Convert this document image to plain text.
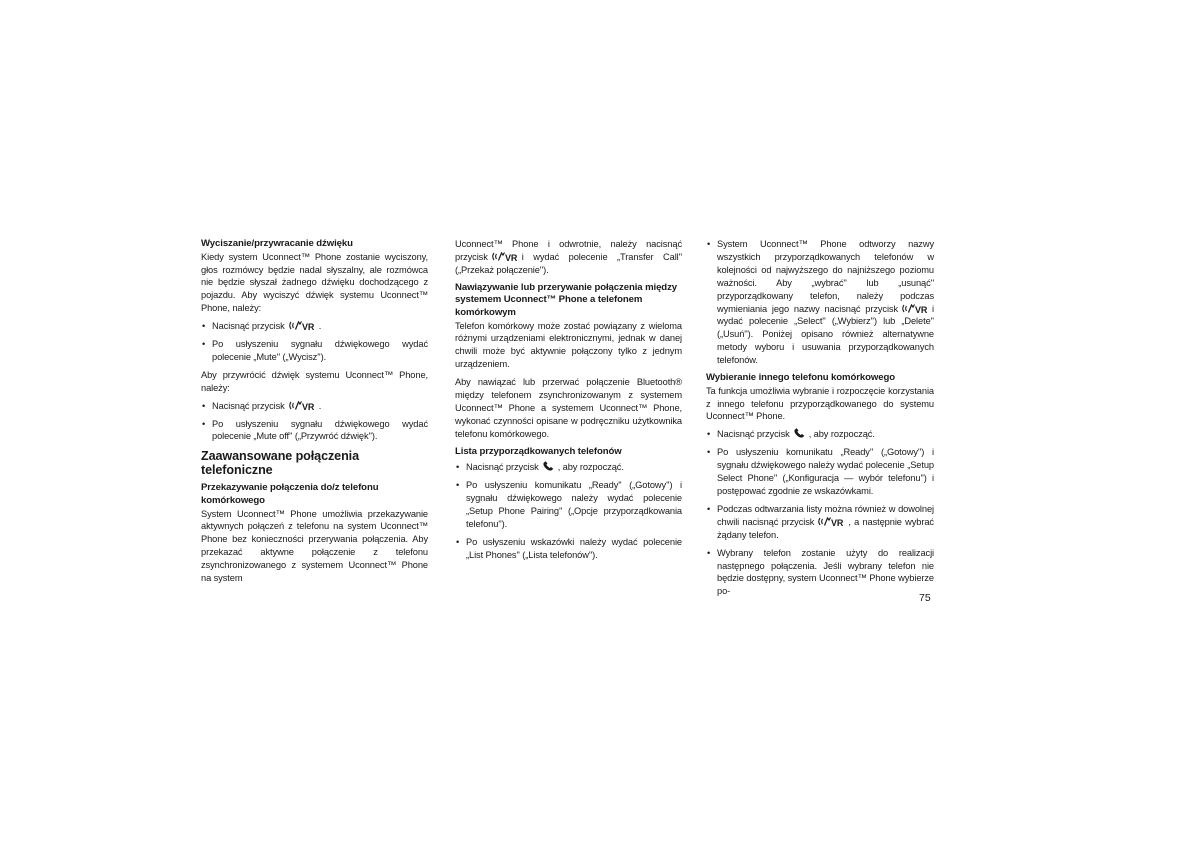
Wyciszanie/przywracanie dźwięku

Kiedy system Uconnect™ Phone zostanie wyciszony, głos rozmówcy będzie nadal słyszalny, ale rozmówca nie będzie słyszał żadnego dźwięku dochodzącego z pojazdu. Aby wyciszyć dźwięk systemu Uconnect™ Phone, należy:

• Nacisnąć przycisk	.
• Po usłyszeniu sygnału dźwiękowego wydać polecenie „Mute'' („Wycisz'').

Aby przywrócić dźwięk systemu Uconnect™ Phone, należy:

• Nacisnąć przycisk	.
• Po usłyszeniu sygnału dźwiękowego wydać polecenie „Mute off'' („Przywróć dźwięk'').

Zaawansowane połączenia telefoniczne

Przekazywanie połączenia do/z telefonu komórkowego

System Uconnect™ Phone umożliwia przekazywanie aktywnych połączeń z telefonu na system Uconnect™ Phone bez konieczności przerywania połączenia. Aby przekazać aktywne połączenie z telefonu zsynchronizowanego z systemem Uconnect™ Phone na system

Uconnect™ Phone i odwrotnie, należy nacisnąć przycisk	i wydać polecenie „Transfer Call'' („Przekaż połączenie'').

Nawiązywanie lub przerywanie połączenia między systemem Uconnect™ Phone a telefonem komórkowym

Telefon komórkowy może zostać powiązany z wieloma różnymi urządzeniami elektronicznymi, jednak w danej chwili może być aktywnie połączony tylko z jednym urządzeniem.

Aby nawiązać lub przerwać połączenie Bluetooth® między telefonem zsynchronizowanym z systemem Uconnect™ Phone a systemem Uconnect™ Phone, wykonać czynności opisane w podręczniku użytkownika telefonu komórkowego.

Lista przyporządkowanych telefonów

• Nacisnąć przycisk , aby rozpocząć.
• Po usłyszeniu komunikatu „Ready'' („Gotowy'') i sygnału dźwiękowego należy wydać polecenie „Setup Phone Pairing'' („Opcje przyporządkowania telefonu'').
• Po usłyszeniu wskazówki należy wydać polecenie „List Phones'' („Lista telefonów'').
• System Uconnect™ Phone odtworzy nazwy wszystkich przyporządkowanych telefonów w kolejności od najwyższego do najniższego poziomu ważności. Aby „wybrać'' lub „usunąć'' przyporządkowany telefon, należy podczas wymieniania jego nazwy nacisnąć przycisk	i wydać polecenie „Select'' („Wybierz'') lub „Delete'' („Usuń''). Poniżej opisano również alternatywne metody wyboru i usuwania przyporządkowanych telefonów.

Wybieranie innego telefonu komórkowego

Ta funkcja umożliwia wybranie i rozpoczęcie korzystania z innego telefonu przyporządkowanego do systemu Uconnect™ Phone.

• Nacisnąć przycisk , aby rozpocząć.
• Po usłyszeniu komunikatu „Ready'' („Gotowy'') i sygnału dźwiękowego należy wydać polecenie „Setup Select Phone'' („Konfiguracja — wybór telefonu'') i postępować zgodnie ze wskazówkami.
• Podczas odtwarzania listy można również w dowolnej chwili nacisnąć przycisk	, a następnie wybrać żądany telefon.
• Wybrany telefon zostanie użyty do realizacji następnego połączenia. Jeśli wybrany telefon nie będzie dostępny, system Uconnect™ Phone wybierze po-
75
